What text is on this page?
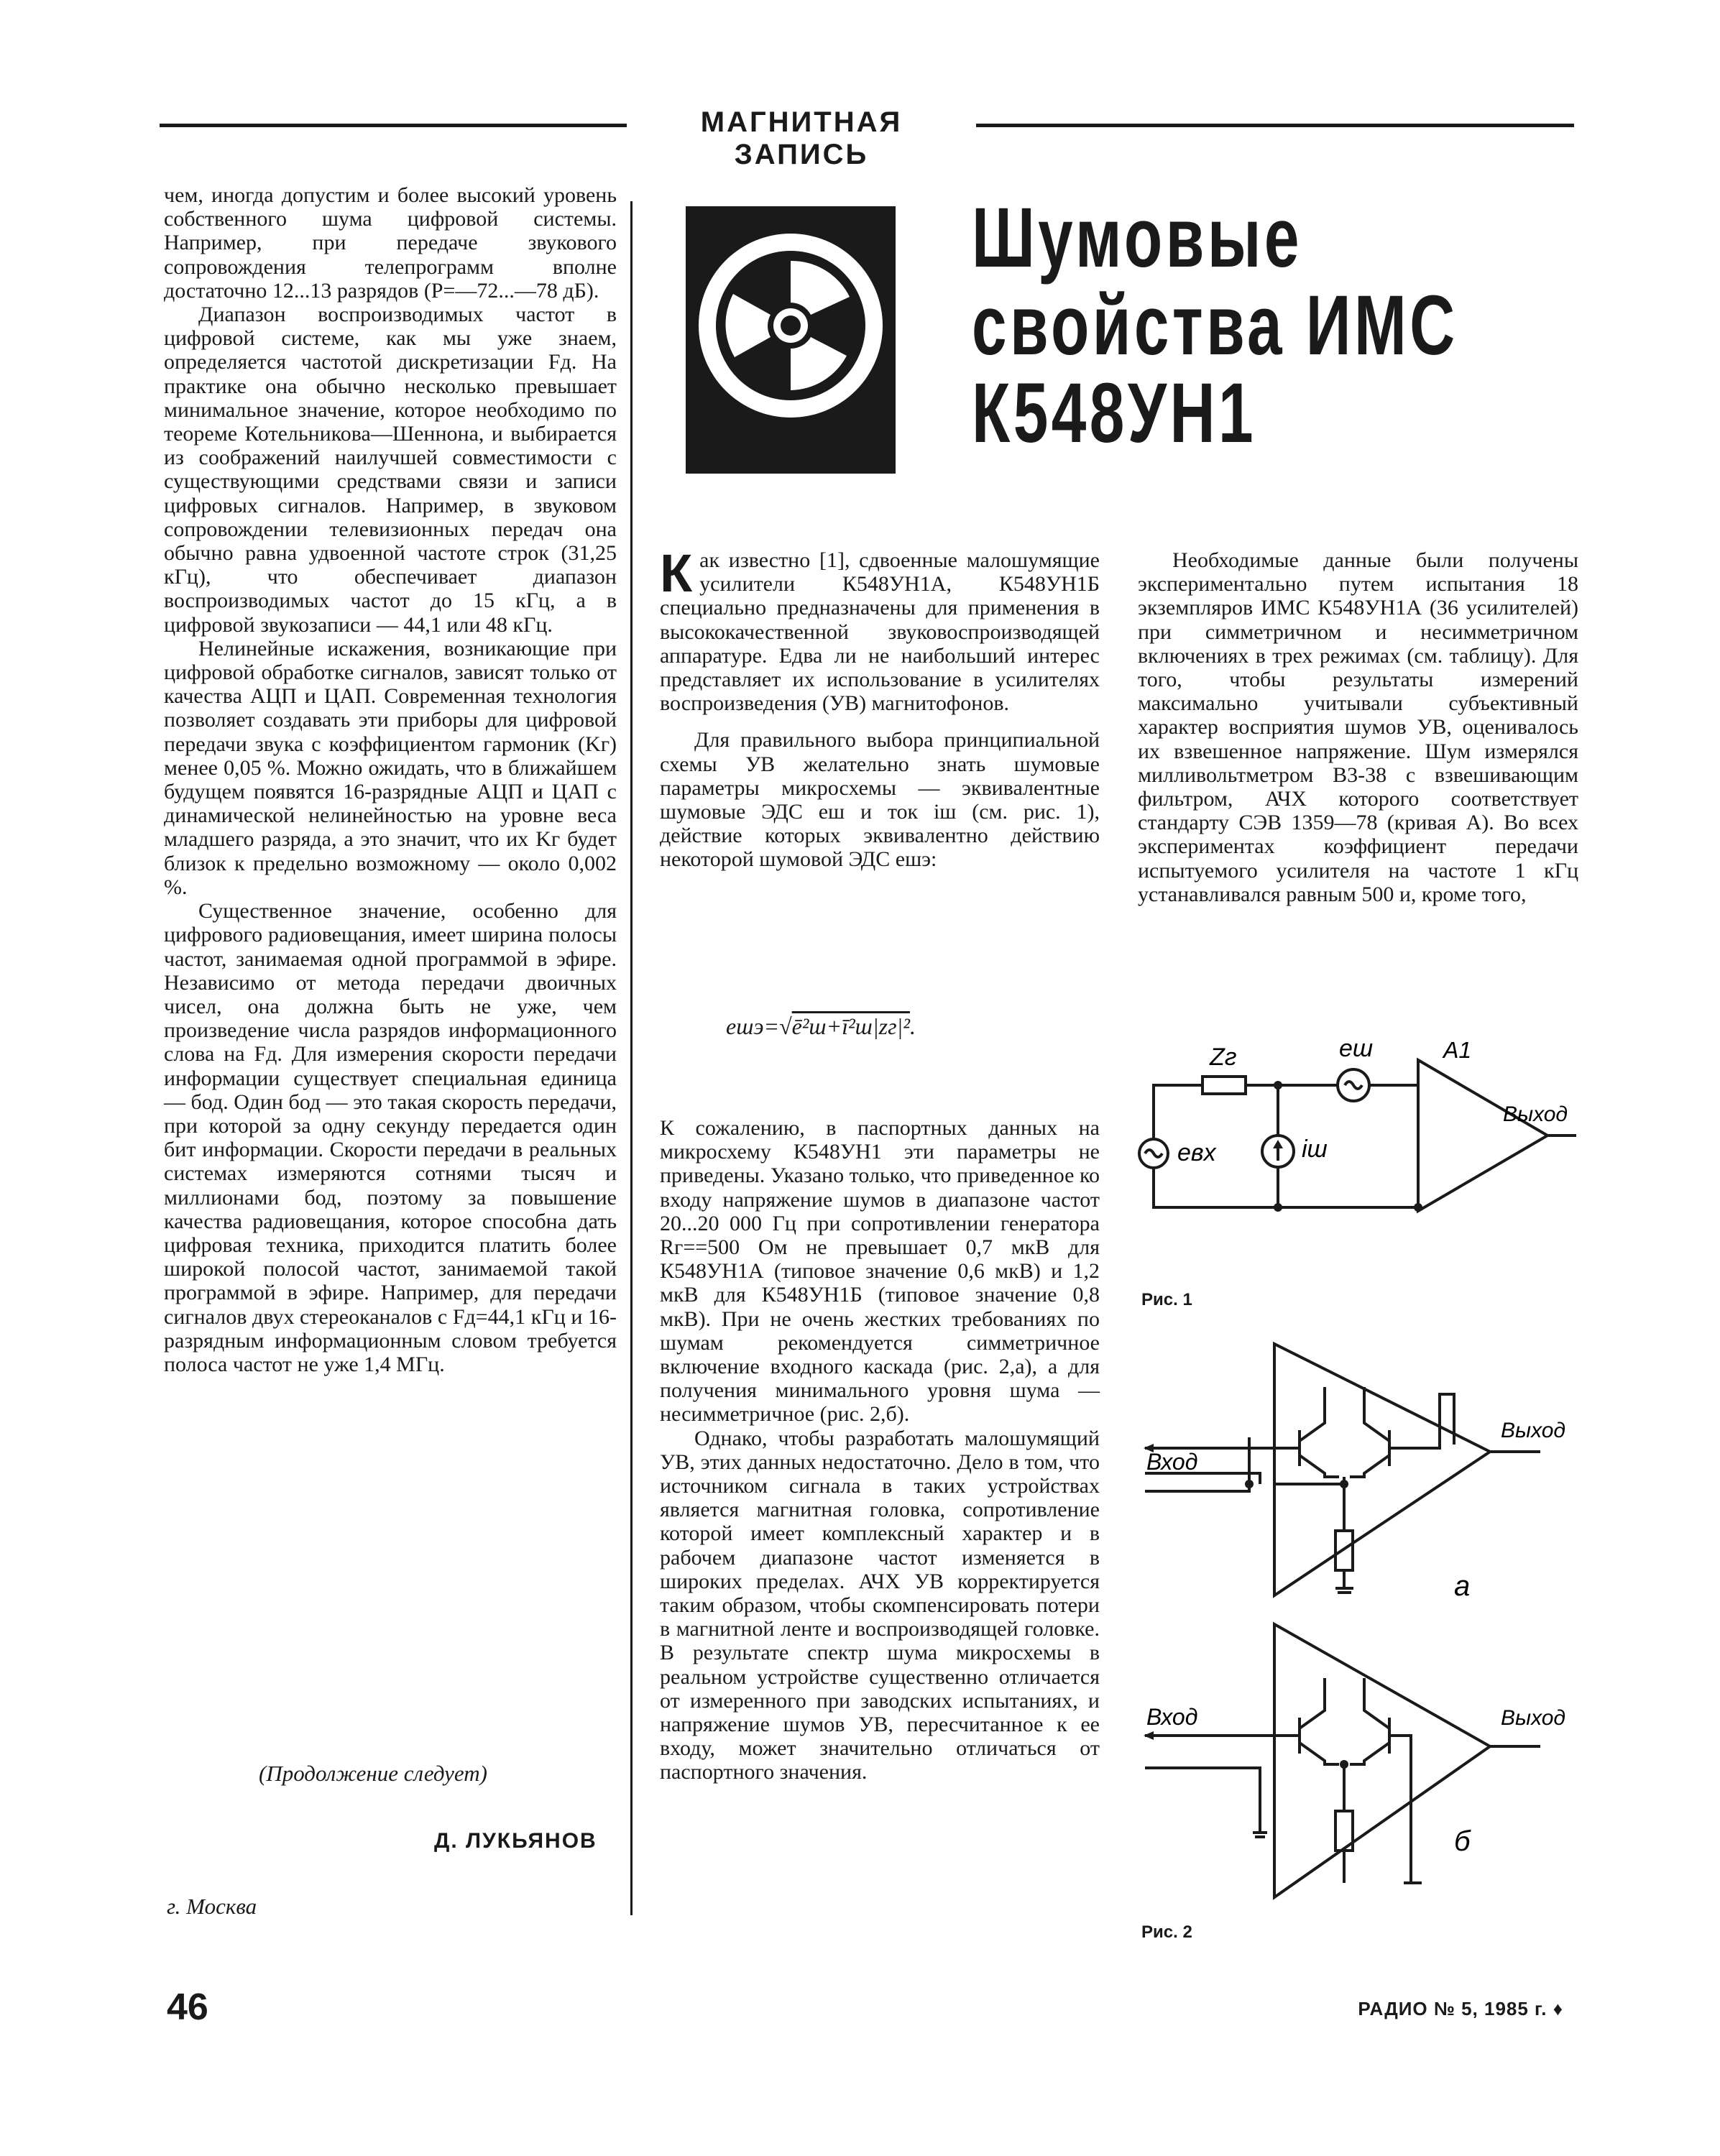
МАГНИТНАЯ ЗАПИСЬ

чем, иногда допустим и более высокий уровень собственного шума цифровой системы. Например, при передаче звукового сопровождения телепрограмм вполне достаточно 12...13 разрядов (Р=—72...—78 дБ).

Диапазон воспроизводимых частот в цифровой системе, как мы уже знаем, определяется частотой дискретизации Fд. На практике она обычно несколько превышает минимальное значение, которое необходимо по теореме Котельникова—Шеннона, и выбирается из соображений наилучшей совместимости с существующими средствами связи и записи цифровых сигналов. Например, в звуковом сопровождении телевизионных передач она обычно равна удвоенной частоте строк (31,25 кГц), что обеспечивает диапазон воспроизводимых частот до 15 кГц, а в цифровой звукозаписи — 44,1 или 48 кГц.

Нелинейные искажения, возникающие при цифровой обработке сигналов, зависят только от качества АЦП и ЦАП. Современная технология позволяет создавать эти приборы для цифровой передачи звука с коэффициентом гармоник (Kг) менее 0,05 %. Можно ожидать, что в ближайшем будущем появятся 16-разрядные АЦП и ЦАП с динамической нелинейностью на уровне веса младшего разряда, а это значит, что их Kг будет близок к предельно возможному — около 0,002 %.

Существенное значение, особенно для цифрового радиовещания, имеет ширина полосы частот, занимаемая одной программой в эфире. Независимо от метода передачи двоичных чисел, она должна быть не уже, чем произведение числа разрядов информационного слова на Fд. Для измерения скорости передачи информации существует специальная единица — бод. Один бод — это такая скорость передачи, при которой за одну секунду передается один бит информации. Скорости передачи в реальных системах измеряются сотнями тысяч и миллионами бод, поэтому за повышение качества радиовещания, которое способна дать цифровая техника, приходится платить более широкой полосой частот, занимаемой такой программой в эфире. Например, для передачи сигналов двух стереоканалов с Fд=44,1 кГц и 16-разрядным информационным словом требуется полоса частот не уже 1,4 МГц.

(Продолжение следует)
Д. ЛУКЬЯНОВ
г. Москва
Шумовые
свойства ИМС
К548УН1

Как известно [1], сдвоенные малошумящие усилители К548УН1А, К548УН1Б специально предназначены для применения в высококачественной звуковоспроизводящей аппаратуре. Едва ли не наибольший интерес представляет их использование в усилителях воспроизведения (УВ) магнитофонов.

Для правильного выбора принципиальной схемы УВ желательно знать шумовые параметры микросхемы — эквивалентные шумовые ЭДС eш и ток iш (см. рис. 1), действие которых эквивалентно действию некоторой шумовой ЭДС eшэ:

eшэ=√ē²ш+ī²ш|zг|².

К сожалению, в паспортных данных на микросхему К548УН1 эти параметры не приведены. Указано только, что приведенное ко входу напряжение шумов в диапазоне частот 20...20 000 Гц при сопротивлении генератора Rг==500 Ом не превышает 0,7 мкВ для К548УН1А (типовое значение 0,6 мкВ) и 1,2 мкВ для К548УН1Б (типовое значение 0,8 мкВ). При не очень жестких требованиях по шумам рекомендуется симметричное включение входного каскада (рис. 2,а), а для получения минимального уровня шума — несимметричное (рис. 2,б).

Однако, чтобы разработать малошумящий УВ, этих данных недостаточно. Дело в том, что источником сигнала в таких устройствах является магнитная головка, сопротивление которой имеет комплексный характер и в рабочем диапазоне частот изменяется в широких пределах. АЧХ УВ корректируется таким образом, чтобы скомпенсировать потери в магнитной ленте и воспроизводящей головке. В результате спектр шума микросхемы в реальном устройстве существенно отличается от измеренного при заводских испытаниях, и напряжение шумов УВ, пересчитанное к ее входу, может значительно отличаться от паспортного значения.

Необходимые данные были получены экспериментально путем испытания 18 экземпляров ИМС К548УН1А (36 усилителей) при симметричном и несимметричном включениях в трех режимах (см. таблицу). Для того, чтобы результаты измерений максимально учитывали субъективный характер восприятия шумов УВ, оценивалось их взвешенное напряжение. Шум измерялся милливольтметром В3-38 с взвешивающим фильтром, АЧХ которого соответствует стандарту СЭВ 1359—78 (кривая А). Во всех экспериментах коэффициент передачи испытуемого усилителя на частоте 1 кГц устанавливался равным 500 и, кроме того,

Zг	eш	A1
Выход
eвх	iш
Рис. 1
Вход
Выход
а
Вход	Выход
б
Рис. 2
46	РАДИО № 5, 1985 г. ♦
